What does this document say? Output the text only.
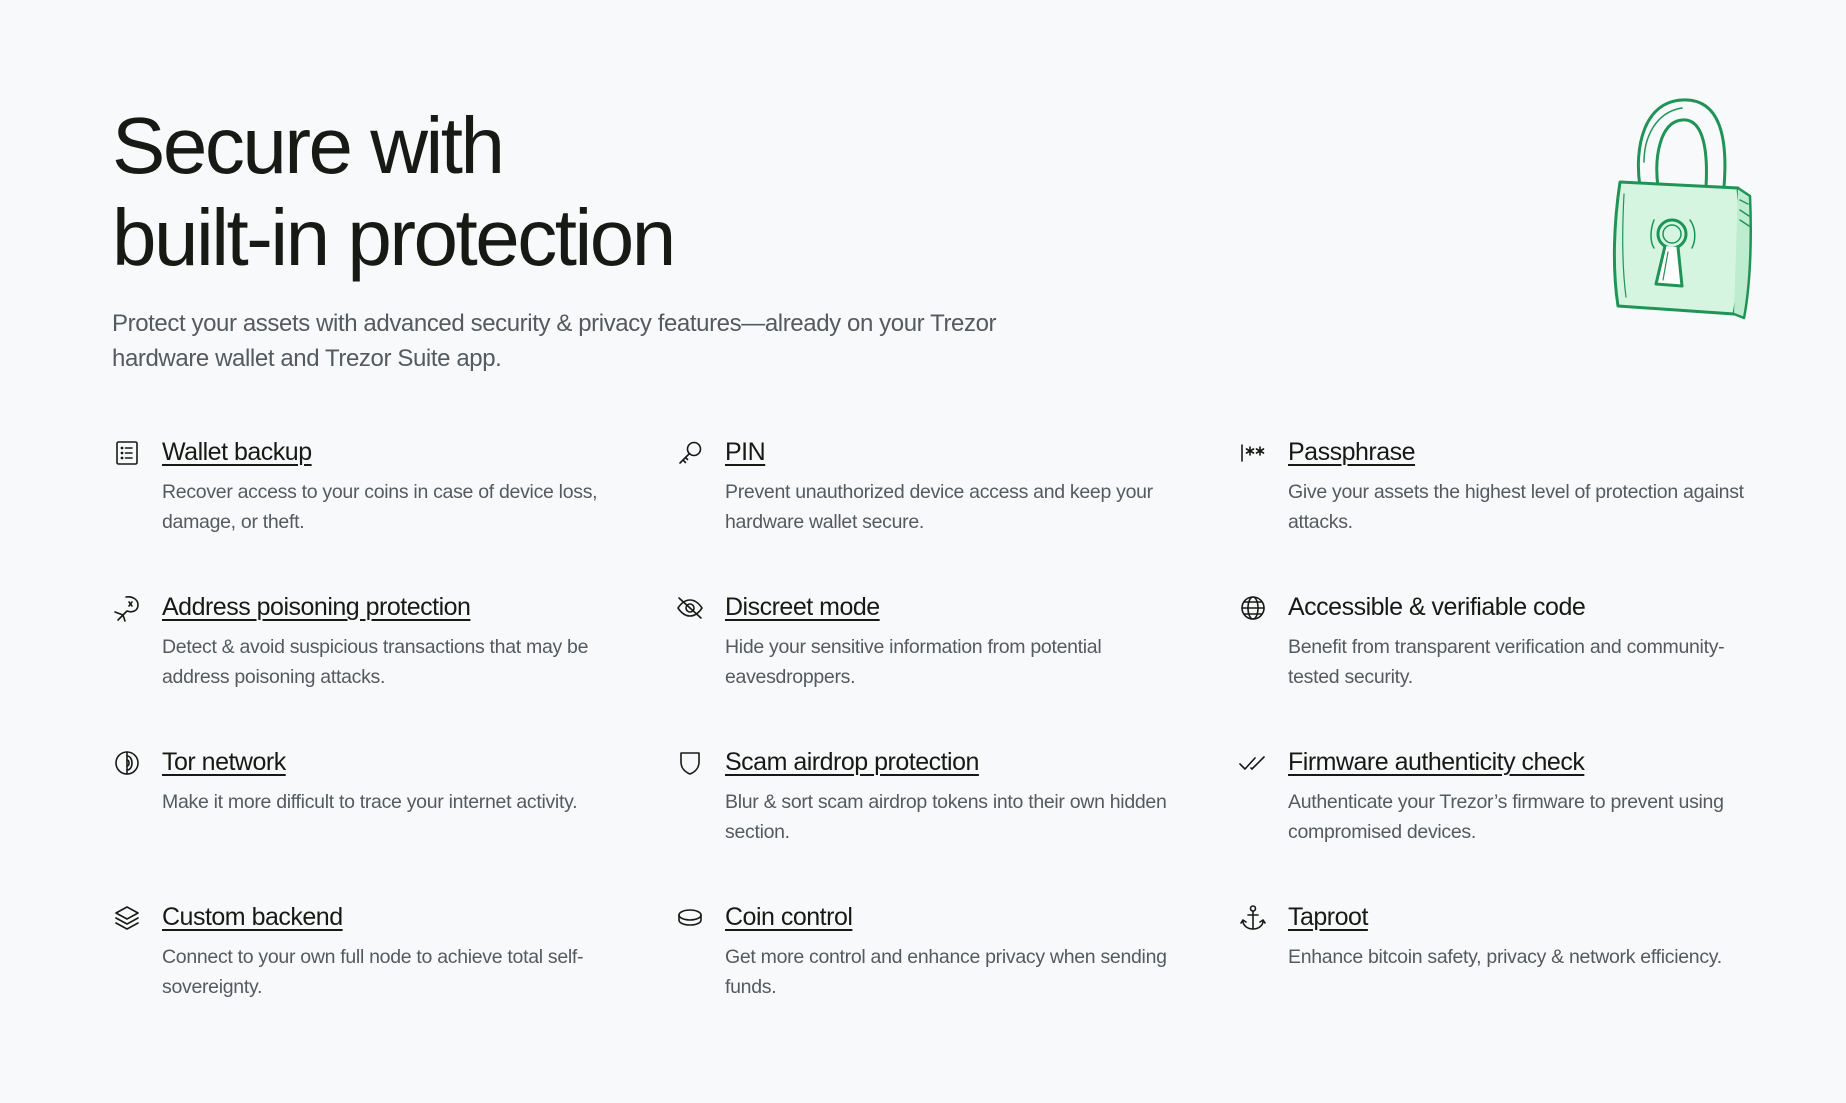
Secure with
built-in protection

Protect your assets with advanced security & privacy features—already on your Trezor hardware wallet and Trezor Suite app.

Wallet backup

Recover access to your coins in case of device loss, damage, or theft.

PIN

Prevent unauthorized device access and keep your hardware wallet secure.

Passphrase

Give your assets the highest level of protection against attacks.

Address poisoning protection

Detect & avoid suspicious transactions that may be address poisoning attacks.

Discreet mode

Hide your sensitive information from potential eavesdroppers.

Accessible & verifiable code

Benefit from transparent verification and community-tested security.

Tor network

Make it more difficult to trace your internet activity.

Scam airdrop protection

Blur & sort scam airdrop tokens into their own hidden section.

Firmware authenticity check

Authenticate your Trezor’s firmware to prevent using compromised devices.

Custom backend

Connect to your own full node to achieve total self-sovereignty.

Coin control

Get more control and enhance privacy when sending funds.

Taproot

Enhance bitcoin safety, privacy & network efficiency.
